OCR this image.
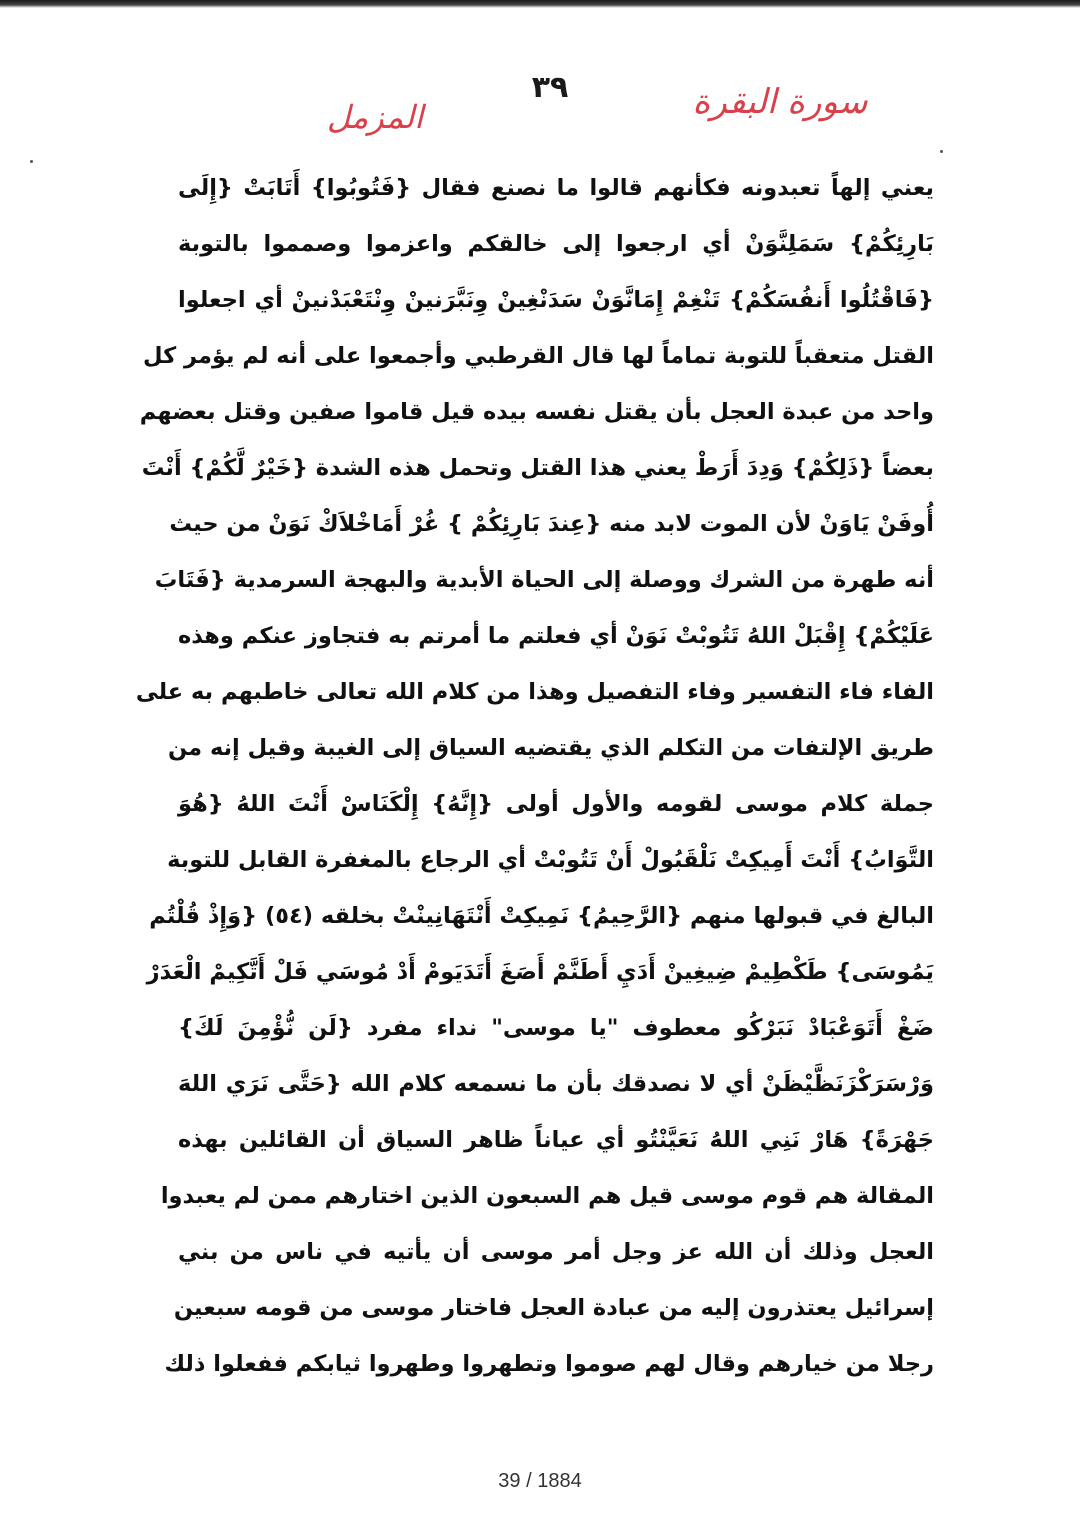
سورة البقرة
٣٩
المزمل
يعني إلهاً تعبدونه فكأنهم قالوا ما نصنع فقال {فَتُوبُوا} أَتَابَتْ {إِلَى
بَارِئِكُمْ} سَمَلِنَّوَنْ أي ارجعوا إلى خالقكم واعزموا وصمموا بالتوبة
{فَاقْتُلُوا أَنفُسَكُمْ} تَنْغِمْ إِمَانَّوَنْ سَدَنْغِينْ وِنَبَّرَنينْ وِنْتَعْبَدْنينْ أي اجعلوا
القتل متعقباً للتوبة تماماً لها قال القرطبي وأجمعوا على أنه لم يؤمر كل
واحد من عبدة العجل بأن يقتل نفسه بيده قيل قاموا صفين وقتل بعضهم
بعضاً {ذَلِكُمْ} وَدِدَ أَرَطْ يعني هذا القتل وتحمل هذه الشدة {خَيْرٌ لَّكُمْ} أَنْتَ
أُوفَنْ يَاوَنْ لأن الموت لابد منه {عِندَ بَارِئِكُمْ } غُرْ أَمَاخْلاَكْ نَوَنْ من حيث
أنه طهرة من الشرك ووصلة إلى الحياة الأبدية والبهجة السرمدية {فَتَابَ
عَلَيْكُمْ} إِقْبَلْ اللهُ تَتُوبْتْ نَوَنْ أي فعلتم ما أمرتم به فتجاوز عنكم وهذه
الفاء فاء التفسير وفاء التفصيل وهذا من كلام الله تعالى خاطبهم به على
طريق الإلتفات من التكلم الذي يقتضيه السياق إلى الغيبة وقيل إنه من
جملة كلام موسى لقومه والأول أولى {إِنَّهُ} إِلْكَنَاسْ أَنْتَ اللهُ {هُوَ
التَّوَابُ} أَنْتَ أَمِيكِتْ نَلْقَبُولْ أَنْ تَتُوبْتْ أي الرجاع بالمغفرة القابل للتوبة
البالغ في قبولها منهم {الرَّحِيمُ} نَمِيكِتْ أَنْتَهَانِينْتْ بخلقه (٥٤) {وَإِذْ قُلْتُم
يَمُوسَى} طَكْطِيمْ ضِيغِينْ أَدَيِ أَطَنَّمْ أَصَغَ أَتَدَيَومْ أَدْ مُوسَي فَلْ أَتَّكِيمْ الْعَدَرْ
ضَغْ أَتَوَعْبَادْ نَبَرْكُو معطوف "يا موسى" نداء مفرد {لَن نُّؤْمِنَ لَكَ}
وَرْسَرَكْزَنَظَّيْظَنْ أي لا نصدقك بأن ما نسمعه كلام الله {حَتَّى نَرَي اللهَ
جَهْرَةً} هَارْ نَنِي اللهُ نَعَيَّنْتُو أي عياناً ظاهر السياق أن القائلين بهذه
المقالة هم قوم موسى قيل هم السبعون الذين اختارهم ممن لم يعبدوا
العجل وذلك أن الله عز وجل أمر موسى أن يأتيه في ناس من بني
إسرائيل يعتذرون إليه من عبادة العجل فاختار موسى من قومه سبعين
رجلا من خيارهم وقال لهم صوموا وتطهروا وطهروا ثيابكم ففعلوا ذلك
39 / 1884
